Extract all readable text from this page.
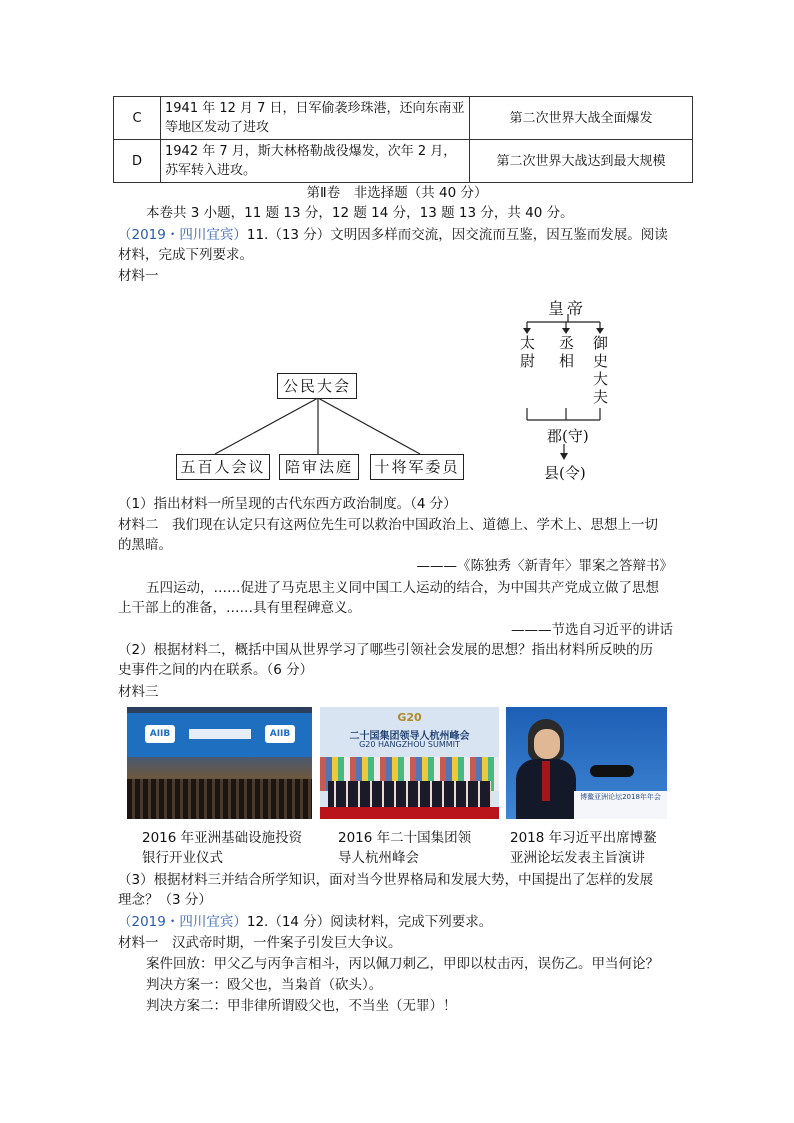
C	1941 年 12 月 7 日，日军偷袭珍珠港，还向东南亚等地区发动了进攻	第二次世界大战全面爆发
D	1942 年 7 月，斯大林格勒战役爆发，次年 2 月，苏军转入进攻。	第二次世界大战达到最大规模
第Ⅱ卷　非选择题（共 40 分）
本卷共 3 小题，11 题 13 分，12 题 14 分，13 题 13 分，共 40 分。
（2019・四川宜宾）11.（13 分）文明因多样而交流，因交流而互鉴，因互鉴而发展。阅读
材料，完成下列要求。
材料一
公民大会
五百人会议	陪审法庭	十将军委员
皇帝
太尉
丞相
御史大夫
郡(守)
县(令)
（1）指出材料一所呈现的古代东西方政治制度。（4 分）
材料二　我们现在认定只有这两位先生可以救治中国政治上、道德上、学术上、思想上一切
的黑暗。
———《陈独秀〈新青年〉罪案之答辩书》
五四运动，……促进了马克思主义同中国工人运动的结合，为中国共产党成立做了思想
上干部上的准备，……具有里程碑意义。
———节选自习近平的讲话
（2）根据材料二，概括中国从世界学习了哪些引领社会发展的思想？指出材料所反映的历
史事件之间的内在联系。（6 分）
材料三
AIIB	AIIB
G20
二十国集团领导人杭州峰会
G20 HANGZHOU SUMMIT
博鳌亚洲论坛2018年年会
2016 年亚洲基础设施投资
银行开业仪式
2016 年二十国集团领
导人杭州峰会
2018 年习近平出席博鳌
亚洲论坛发表主旨演讲
（3）根据材料三并结合所学知识，面对当今世界格局和发展大势，中国提出了怎样的发展
理念？（3 分）
（2019・四川宜宾）12.（14 分）阅读材料，完成下列要求。
材料一　汉武帝时期，一件案子引发巨大争议。
案件回放：甲父乙与丙争言相斗，丙以佩刀刺乙，甲即以杖击丙，误伤乙。甲当何论？
判决方案一：殴父也，当枭首（砍头）。
判决方案二：甲非律所谓殴父也，不当坐（无罪）！
